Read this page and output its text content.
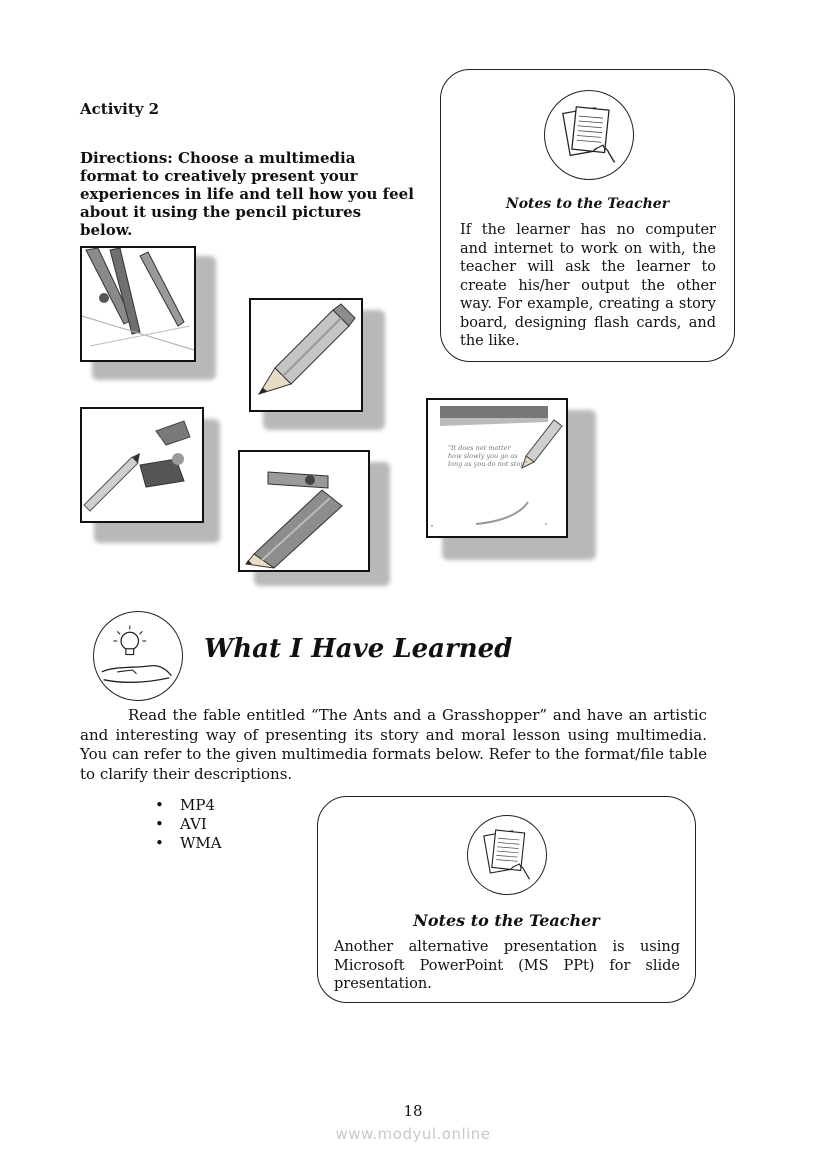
Activity 2
Directions: Choose a multimedia format to creatively present your experiences in life and tell how you feel about it using the pencil pictures below.
Notes to the Teacher
If the learner has no computer and internet to work on with, the teacher will ask the learner to create his/her output the other way. For example, creating a story board, designing flash cards, and the like.
"It does not matter
how slowly you go as
long as you do not stop"
What I Have Learned
Read the fable entitled “The Ants and a Grasshopper” and have an artistic and interesting way of presenting its story and moral lesson using multimedia. You can refer to the given multimedia formats below. Refer to the format/file table to clarify their descriptions.
• MP4
• AVI
• WMA
Notes to the Teacher
Another alternative presentation is using Microsoft PowerPoint (MS PPt) for slide presentation.
18
www.modyul.online
